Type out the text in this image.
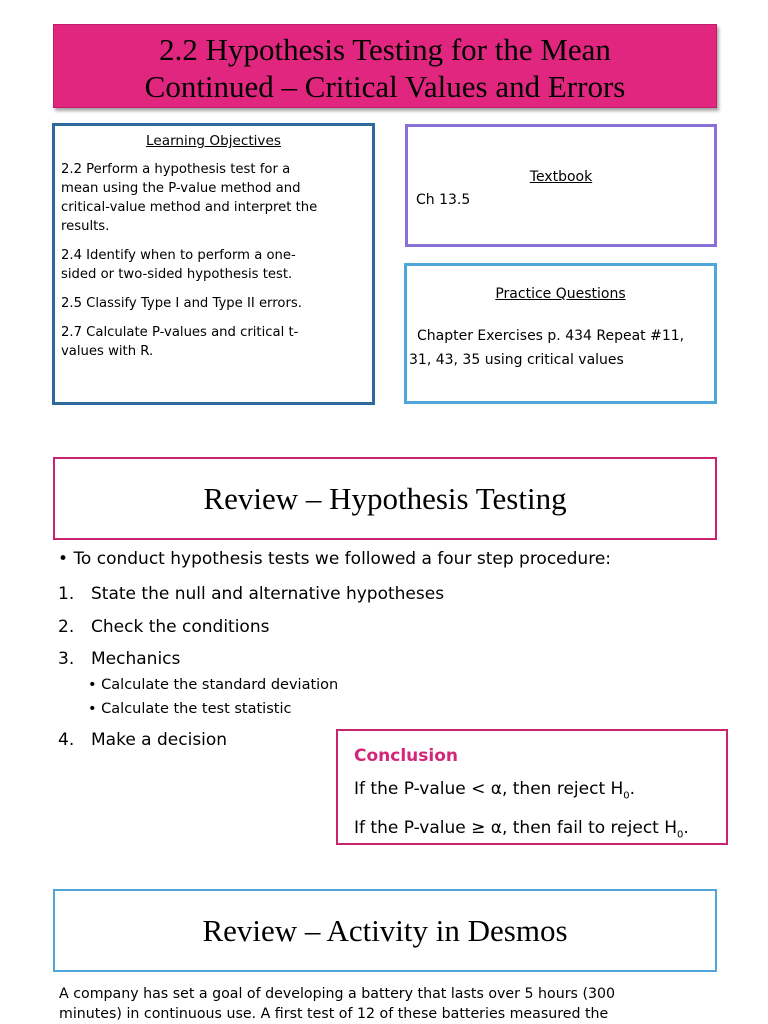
2.2 Hypothesis Testing for the Mean
Continued – Critical Values and Errors
Learning Objectives

2.2 Perform a hypothesis test for a
mean using the P-value method and
critical-value method and interpret the
results.

2.4 Identify when to perform a one-
sided or two-sided hypothesis test.

2.5 Classify Type I and Type II errors.

2.7 Calculate P-values and critical t-
values with R.

Textbook
Ch 13.5
Practice Questions
Chapter Exercises p. 434 Repeat #11,
31, 43, 35 using critical values
Review – Hypothesis Testing
• To conduct hypothesis tests we followed a four step procedure:
1. State the null and alternative hypotheses
2. Check the conditions
3. Mechanics
• Calculate the standard deviation
• Calculate the test statistic
4. Make a decision
Conclusion
If the P-value < α, then reject $H_0$.
If the P-value ≥ α, then fail to reject $H_0$.
Review – Activity in Desmos
A company has set a goal of developing a battery that lasts over 5 hours (300
minutes) in continuous use. A first test of 12 of these batteries measured the
